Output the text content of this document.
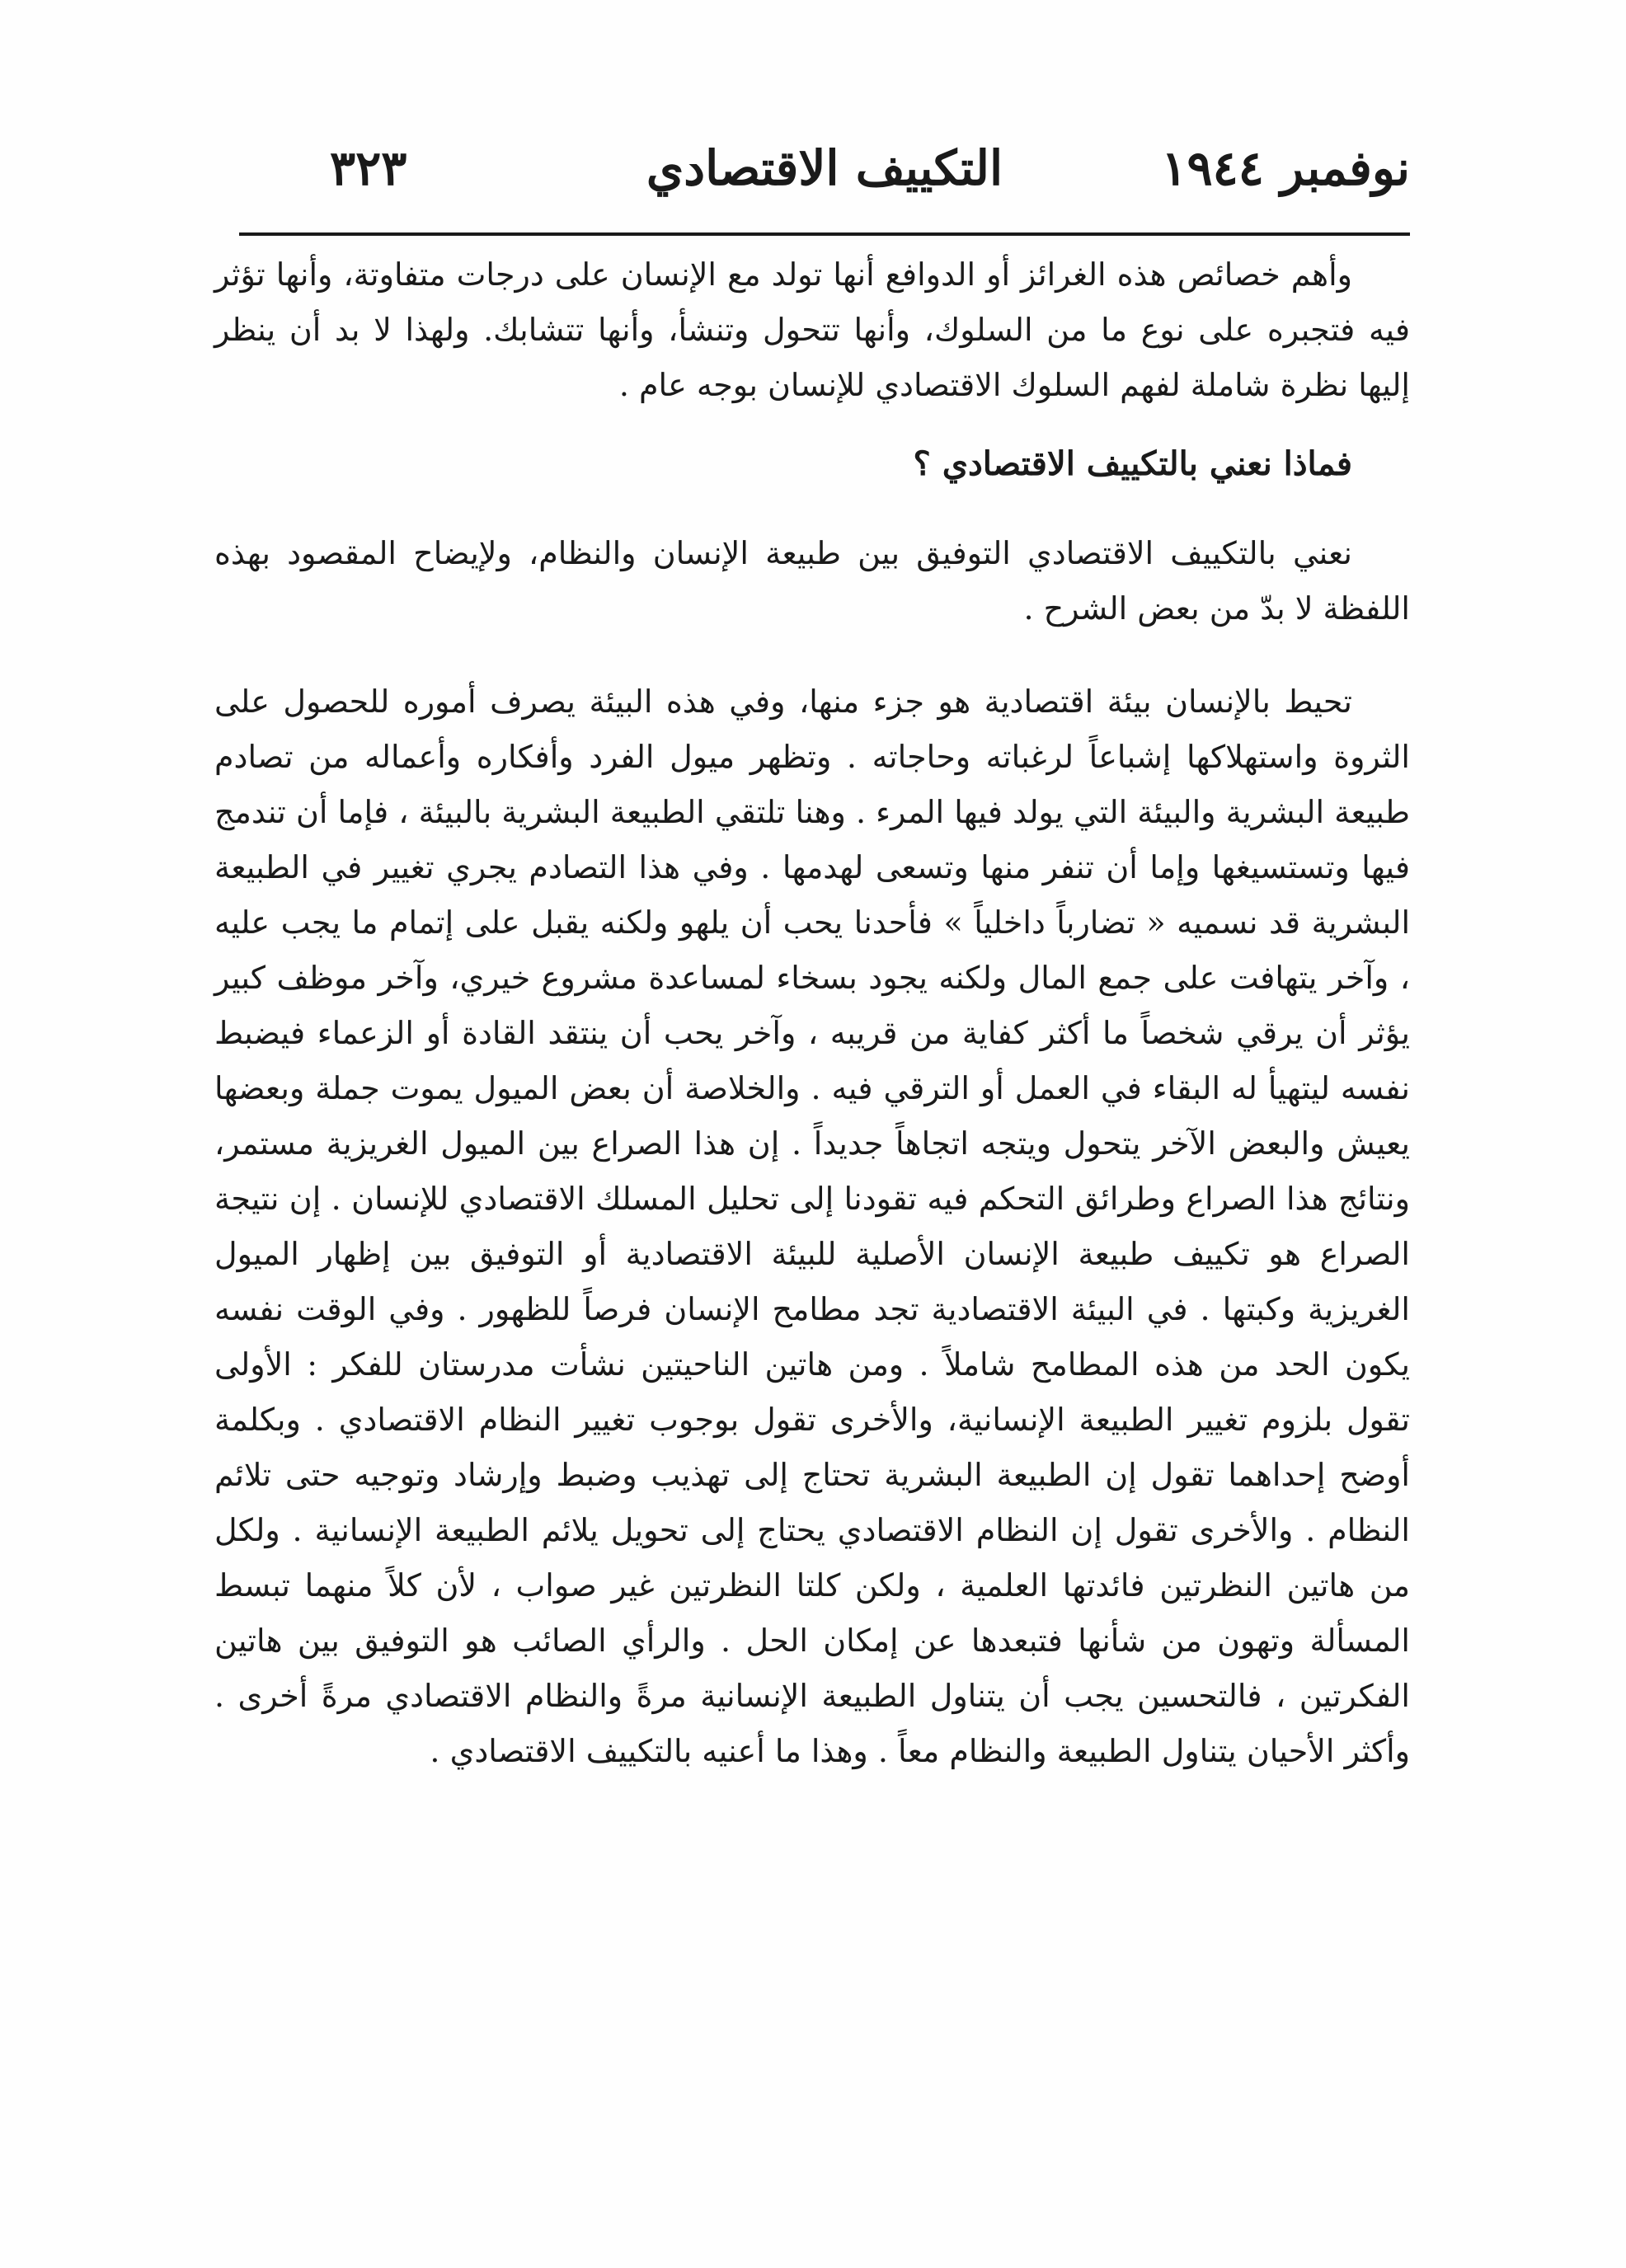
نوفمبر ١٩٤٤
التكييف الاقتصادي
٣٢٣

وأهم خصائص هذه الغرائز أو الدوافع أنها تولد مع الإنسان على درجات متفاوتة، وأنها تؤثر فيه فتجبره على نوع ما من السلوك، وأنها تتحول وتنشأ، وأنها تتشابك. ولهذا لا بد أن ينظر إليها نظرة شاملة لفهم السلوك الاقتصادي للإنسان بوجه عام .

فماذا نعني بالتكييف الاقتصادي ؟

نعني بالتكييف الاقتصادي التوفيق بين طبيعة الإنسان والنظام، ولإيضاح المقصود بهذه اللفظة لا بدّ من بعض الشرح .

تحيط بالإنسان بيئة اقتصادية هو جزء منها، وفي هذه البيئة يصرف أموره للحصول على الثروة واستهلاكها إشباعاً لرغباته وحاجاته . وتظهر ميول الفرد وأفكاره وأعماله من تصادم طبيعة البشرية والبيئة التي يولد فيها المرء . وهنا تلتقي الطبيعة البشرية بالبيئة ، فإما أن تندمج فيها وتستسيغها وإما أن تنفر منها وتسعى لهدمها . وفي هذا التصادم يجري تغيير في الطبيعة البشرية قد نسميه « تضارباً داخلياً » فأحدنا يحب أن يلهو ولكنه يقبل على إتمام ما يجب عليه ، وآخر يتهافت على جمع المال ولكنه يجود بسخاء لمساعدة مشروع خيري، وآخر موظف كبير يؤثر أن يرقي شخصاً ما أكثر كفاية من قريبه ، وآخر يحب أن ينتقد القادة أو الزعماء فيضبط نفسه ليتهيأ له البقاء في العمل أو الترقي فيه . والخلاصة أن بعض الميول يموت جملة وبعضها يعيش والبعض الآخر يتحول ويتجه اتجاهاً جديداً . إن هذا الصراع بين الميول الغريزية مستمر، ونتائج هذا الصراع وطرائق التحكم فيه تقودنا إلى تحليل المسلك الاقتصادي للإنسان . إن نتيجة الصراع هو تكييف طبيعة الإنسان الأصلية للبيئة الاقتصادية أو التوفيق بين إظهار الميول الغريزية وكبتها . في البيئة الاقتصادية تجد مطامح الإنسان فرصاً للظهور . وفي الوقت نفسه يكون الحد من هذه المطامح شاملاً . ومن هاتين الناحيتين نشأت مدرستان للفكر : الأولى تقول بلزوم تغيير الطبيعة الإنسانية، والأخرى تقول بوجوب تغيير النظام الاقتصادي . وبكلمة أوضح إحداهما تقول إن الطبيعة البشرية تحتاج إلى تهذيب وضبط وإرشاد وتوجيه حتى تلائم النظام . والأخرى تقول إن النظام الاقتصادي يحتاج إلى تحويل يلائم الطبيعة الإنسانية . ولكل من هاتين النظرتين فائدتها العلمية ، ولكن كلتا النظرتين غير صواب ، لأن كلاً منهما تبسط المسألة وتهون من شأنها فتبعدها عن إمكان الحل . والرأي الصائب هو التوفيق بين هاتين الفكرتين ، فالتحسين يجب أن يتناول الطبيعة الإنسانية مرةً والنظام الاقتصادي مرةً أخرى . وأكثر الأحيان يتناول الطبيعة والنظام معاً . وهذا ما أعنيه بالتكييف الاقتصادي .
